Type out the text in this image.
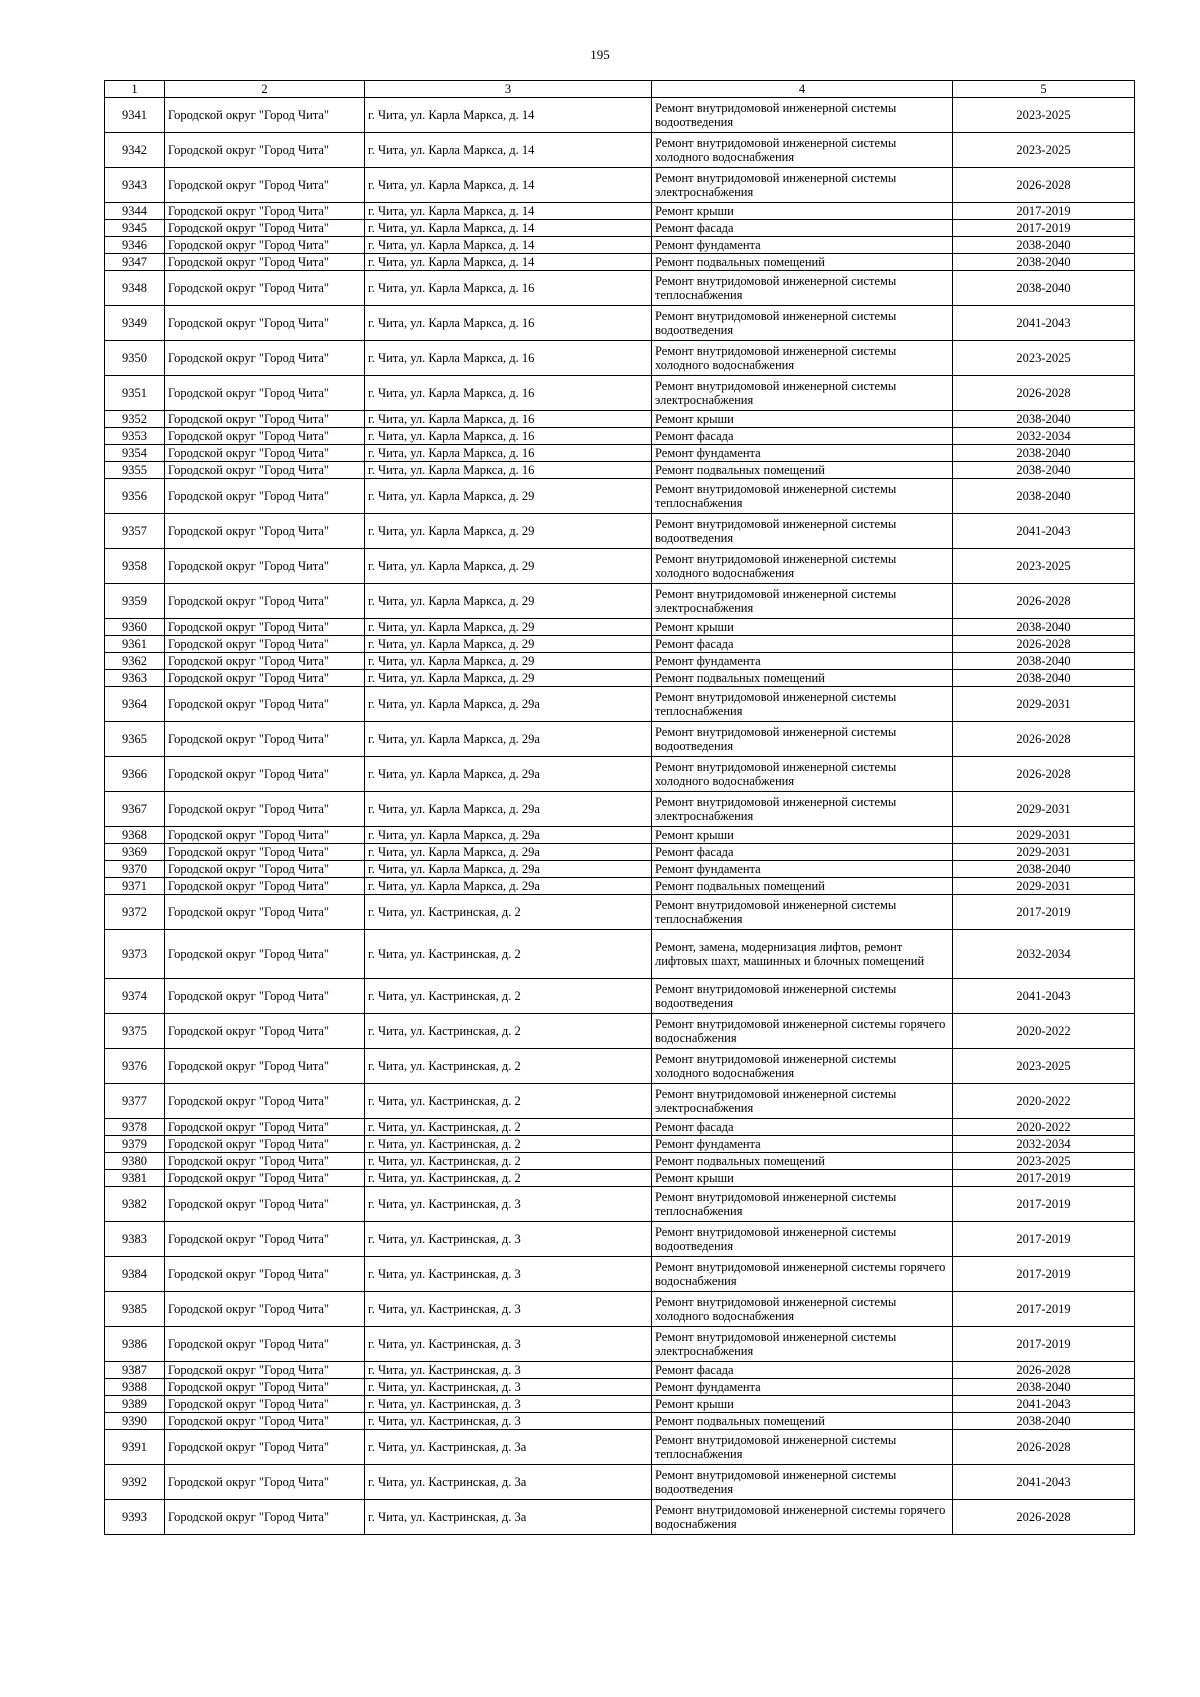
195
1	2	3	4	5
9341	Городской округ "Город Чита"	г. Чита, ул. Карла Маркса, д. 14	Ремонт внутридомовой инженерной системы водоотведения	2023-2025
9342	Городской округ "Город Чита"	г. Чита, ул. Карла Маркса, д. 14	Ремонт внутридомовой инженерной системы холодного водоснабжения	2023-2025
9343	Городской округ "Город Чита"	г. Чита, ул. Карла Маркса, д. 14	Ремонт внутридомовой инженерной системы электроснабжения	2026-2028
9344	Городской округ "Город Чита"	г. Чита, ул. Карла Маркса, д. 14	Ремонт крыши	2017-2019
9345	Городской округ "Город Чита"	г. Чита, ул. Карла Маркса, д. 14	Ремонт фасада	2017-2019
9346	Городской округ "Город Чита"	г. Чита, ул. Карла Маркса, д. 14	Ремонт фундамента	2038-2040
9347	Городской округ "Город Чита"	г. Чита, ул. Карла Маркса, д. 14	Ремонт подвальных помещений	2038-2040
9348	Городской округ "Город Чита"	г. Чита, ул. Карла Маркса, д. 16	Ремонт внутридомовой инженерной системы теплоснабжения	2038-2040
9349	Городской округ "Город Чита"	г. Чита, ул. Карла Маркса, д. 16	Ремонт внутридомовой инженерной системы водоотведения	2041-2043
9350	Городской округ "Город Чита"	г. Чита, ул. Карла Маркса, д. 16	Ремонт внутридомовой инженерной системы холодного водоснабжения	2023-2025
9351	Городской округ "Город Чита"	г. Чита, ул. Карла Маркса, д. 16	Ремонт внутридомовой инженерной системы электроснабжения	2026-2028
9352	Городской округ "Город Чита"	г. Чита, ул. Карла Маркса, д. 16	Ремонт крыши	2038-2040
9353	Городской округ "Город Чита"	г. Чита, ул. Карла Маркса, д. 16	Ремонт фасада	2032-2034
9354	Городской округ "Город Чита"	г. Чита, ул. Карла Маркса, д. 16	Ремонт фундамента	2038-2040
9355	Городской округ "Город Чита"	г. Чита, ул. Карла Маркса, д. 16	Ремонт подвальных помещений	2038-2040
9356	Городской округ "Город Чита"	г. Чита, ул. Карла Маркса, д. 29	Ремонт внутридомовой инженерной системы теплоснабжения	2038-2040
9357	Городской округ "Город Чита"	г. Чита, ул. Карла Маркса, д. 29	Ремонт внутридомовой инженерной системы водоотведения	2041-2043
9358	Городской округ "Город Чита"	г. Чита, ул. Карла Маркса, д. 29	Ремонт внутридомовой инженерной системы холодного водоснабжения	2023-2025
9359	Городской округ "Город Чита"	г. Чита, ул. Карла Маркса, д. 29	Ремонт внутридомовой инженерной системы электроснабжения	2026-2028
9360	Городской округ "Город Чита"	г. Чита, ул. Карла Маркса, д. 29	Ремонт крыши	2038-2040
9361	Городской округ "Город Чита"	г. Чита, ул. Карла Маркса, д. 29	Ремонт фасада	2026-2028
9362	Городской округ "Город Чита"	г. Чита, ул. Карла Маркса, д. 29	Ремонт фундамента	2038-2040
9363	Городской округ "Город Чита"	г. Чита, ул. Карла Маркса, д. 29	Ремонт подвальных помещений	2038-2040
9364	Городской округ "Город Чита"	г. Чита, ул. Карла Маркса, д. 29а	Ремонт внутридомовой инженерной системы теплоснабжения	2029-2031
9365	Городской округ "Город Чита"	г. Чита, ул. Карла Маркса, д. 29а	Ремонт внутридомовой инженерной системы водоотведения	2026-2028
9366	Городской округ "Город Чита"	г. Чита, ул. Карла Маркса, д. 29а	Ремонт внутридомовой инженерной системы холодного водоснабжения	2026-2028
9367	Городской округ "Город Чита"	г. Чита, ул. Карла Маркса, д. 29а	Ремонт внутридомовой инженерной системы электроснабжения	2029-2031
9368	Городской округ "Город Чита"	г. Чита, ул. Карла Маркса, д. 29а	Ремонт крыши	2029-2031
9369	Городской округ "Город Чита"	г. Чита, ул. Карла Маркса, д. 29а	Ремонт фасада	2029-2031
9370	Городской округ "Город Чита"	г. Чита, ул. Карла Маркса, д. 29а	Ремонт фундамента	2038-2040
9371	Городской округ "Город Чита"	г. Чита, ул. Карла Маркса, д. 29а	Ремонт подвальных помещений	2029-2031
9372	Городской округ "Город Чита"	г. Чита, ул. Кастринская, д. 2	Ремонт внутридомовой инженерной системы теплоснабжения	2017-2019
9373	Городской округ "Город Чита"	г. Чита, ул. Кастринская, д. 2	Ремонт, замена, модернизация лифтов, ремонт лифтовых шахт, машинных и блочных помещений	2032-2034
9374	Городской округ "Город Чита"	г. Чита, ул. Кастринская, д. 2	Ремонт внутридомовой инженерной системы водоотведения	2041-2043
9375	Городской округ "Город Чита"	г. Чита, ул. Кастринская, д. 2	Ремонт внутридомовой инженерной системы горячего водоснабжения	2020-2022
9376	Городской округ "Город Чита"	г. Чита, ул. Кастринская, д. 2	Ремонт внутридомовой инженерной системы холодного водоснабжения	2023-2025
9377	Городской округ "Город Чита"	г. Чита, ул. Кастринская, д. 2	Ремонт внутридомовой инженерной системы электроснабжения	2020-2022
9378	Городской округ "Город Чита"	г. Чита, ул. Кастринская, д. 2	Ремонт фасада	2020-2022
9379	Городской округ "Город Чита"	г. Чита, ул. Кастринская, д. 2	Ремонт фундамента	2032-2034
9380	Городской округ "Город Чита"	г. Чита, ул. Кастринская, д. 2	Ремонт подвальных помещений	2023-2025
9381	Городской округ "Город Чита"	г. Чита, ул. Кастринская, д. 2	Ремонт крыши	2017-2019
9382	Городской округ "Город Чита"	г. Чита, ул. Кастринская, д. 3	Ремонт внутридомовой инженерной системы теплоснабжения	2017-2019
9383	Городской округ "Город Чита"	г. Чита, ул. Кастринская, д. 3	Ремонт внутридомовой инженерной системы водоотведения	2017-2019
9384	Городской округ "Город Чита"	г. Чита, ул. Кастринская, д. 3	Ремонт внутридомовой инженерной системы горячего водоснабжения	2017-2019
9385	Городской округ "Город Чита"	г. Чита, ул. Кастринская, д. 3	Ремонт внутридомовой инженерной системы холодного водоснабжения	2017-2019
9386	Городской округ "Город Чита"	г. Чита, ул. Кастринская, д. 3	Ремонт внутридомовой инженерной системы электроснабжения	2017-2019
9387	Городской округ "Город Чита"	г. Чита, ул. Кастринская, д. 3	Ремонт фасада	2026-2028
9388	Городской округ "Город Чита"	г. Чита, ул. Кастринская, д. 3	Ремонт фундамента	2038-2040
9389	Городской округ "Город Чита"	г. Чита, ул. Кастринская, д. 3	Ремонт крыши	2041-2043
9390	Городской округ "Город Чита"	г. Чита, ул. Кастринская, д. 3	Ремонт подвальных помещений	2038-2040
9391	Городской округ "Город Чита"	г. Чита, ул. Кастринская, д. 3а	Ремонт внутридомовой инженерной системы теплоснабжения	2026-2028
9392	Городской округ "Город Чита"	г. Чита, ул. Кастринская, д. 3а	Ремонт внутридомовой инженерной системы водоотведения	2041-2043
9393	Городской округ "Город Чита"	г. Чита, ул. Кастринская, д. 3а	Ремонт внутридомовой инженерной системы горячего водоснабжения	2026-2028
